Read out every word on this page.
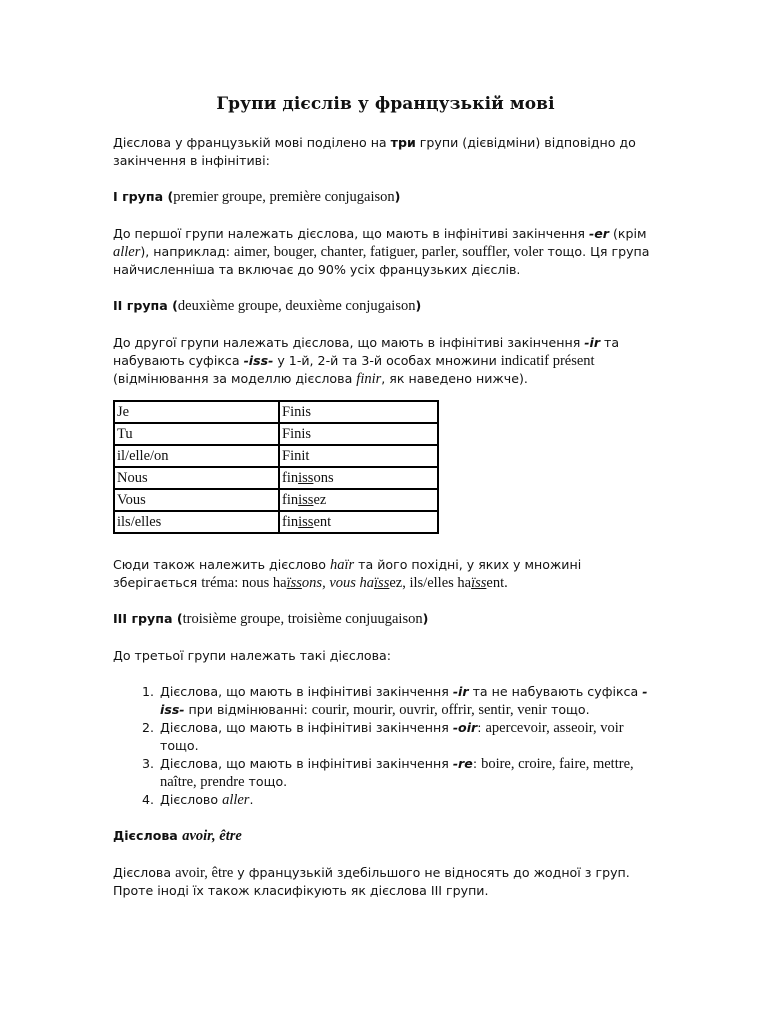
Групи дієслів у французькій мові

Дієслова у французькій мові поділено на три групи (дієвідміни) відповідно до закінчення в інфінітиві:

I група (premier groupe, première conjugaison)

До першої групи належать дієслова, що мають в інфінітиві закінчення -er (крім aller), наприклад: aimer, bouger, chanter, fatiguer, parler, souffler, voler тощо. Ця група найчисленніша та включає до 90% усіх французьких дієслів.

II група (deuxième groupe, deuxième conjugaison)

До другої групи належать дієслова, що мають в інфінітиві закінчення -ir та набувають суфікса -iss- у 1-й, 2-й та 3-й особах множини indicatif présent (відмінювання за моделлю дієслова finir, як наведено нижче).

Je	Finis
Tu	Finis
il/elle/on	Finit
Nous	finissons
Vous	finissez
ils/elles	finissent

Сюди також належить дієслово haïr та його похідні, у яких у множині зберігається tréma: nous haïssons, vous haïssez, ils/elles haïssent.

III група (troisième groupe, troisième conjuugaison)

До третьої групи належать такі дієслова:

1. Дієслова, що мають в інфінітиві закінчення -ir та не набувають суфікса -iss- при відмінюванні: courir, mourir, ouvrir, offrir, sentir, venir тощо.
2. Дієслова, що мають в інфінітиві закінчення -oir: apercevoir, asseoir, voir тощо.
3. Дієслова, що мають в інфінітиві закінчення -re: boire, croire, faire, mettre, naître, prendre тощо.
4. Дієслово aller.

Дієслова avoir, être

Дієслова avoir, être у французькій здебільшого не відносять до жодної з груп. Проте іноді їх також класифікують як дієслова III групи.
